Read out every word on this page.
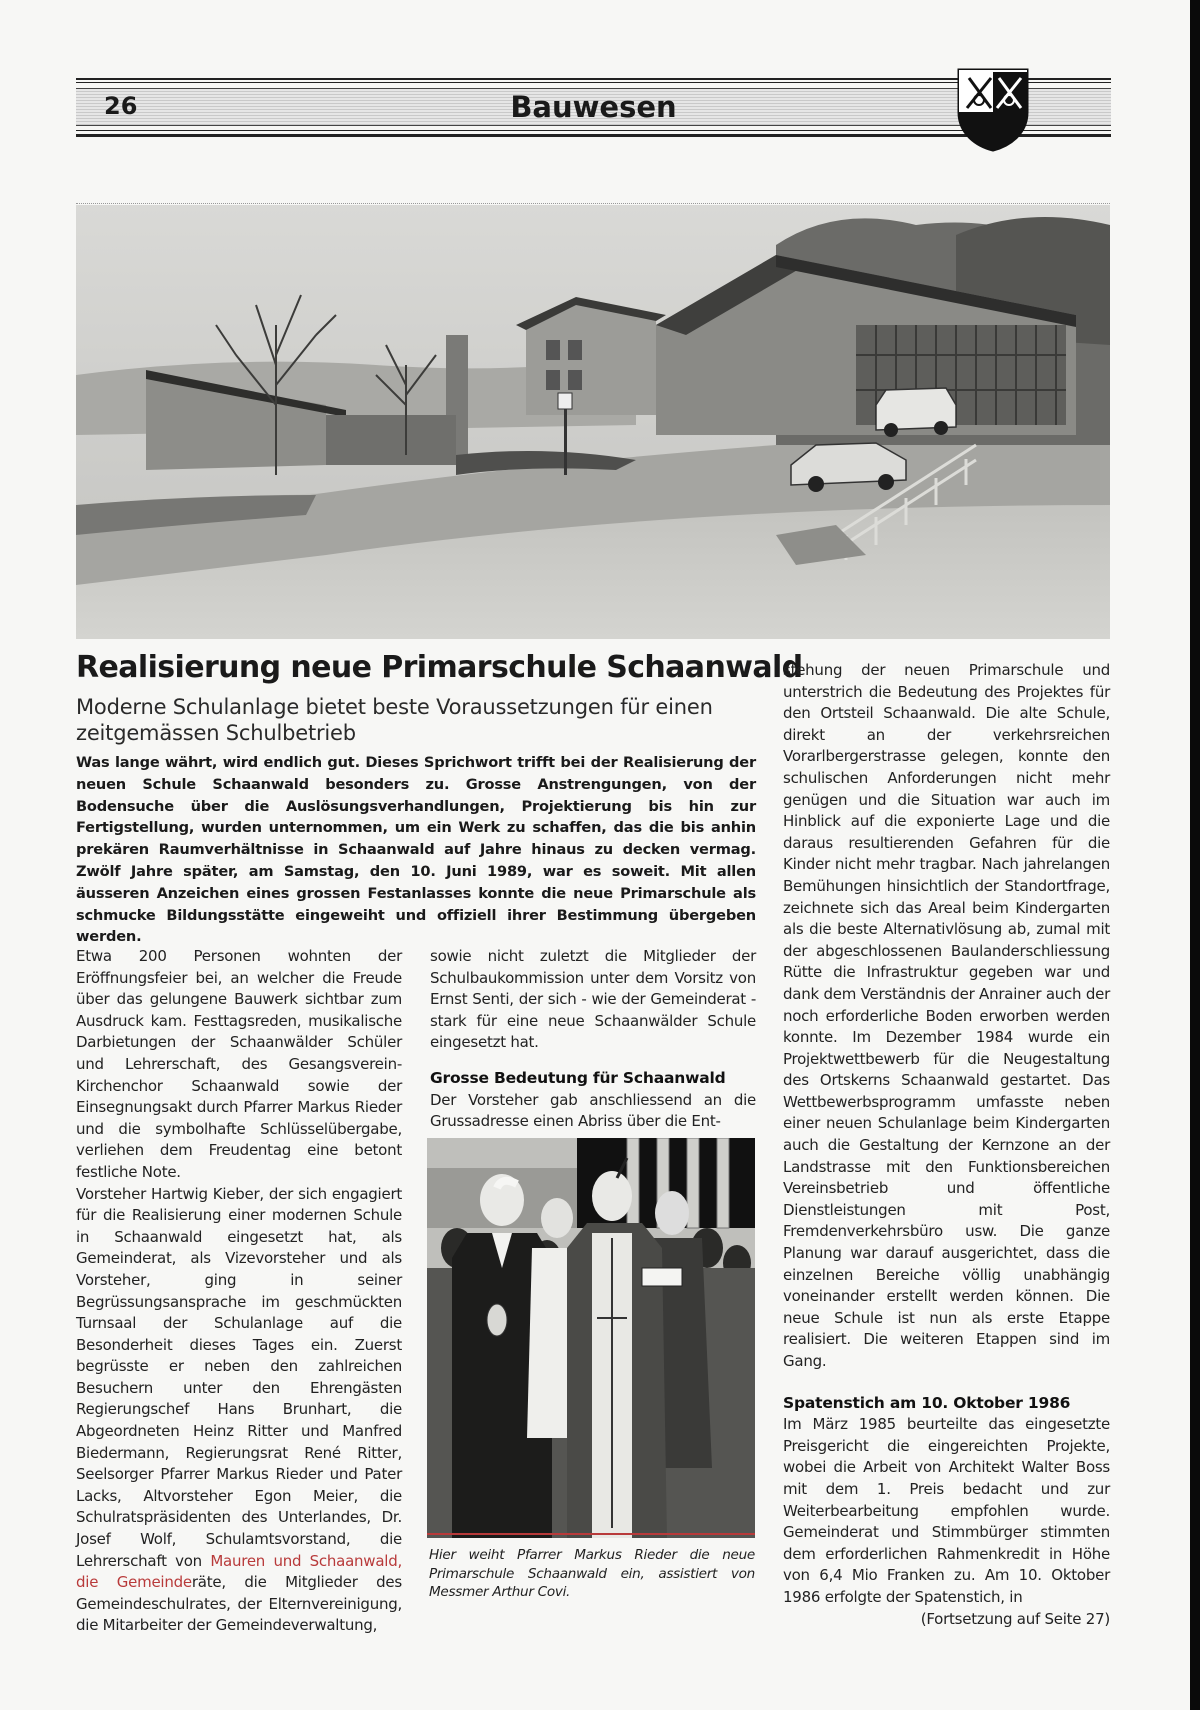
26	Bauwesen
Realisierung neue Primarschule Schaanwald
Moderne Schulanlage bietet beste Voraussetzungen für einen zeitgemässen Schulbetrieb
Was lange währt, wird endlich gut. Dieses Sprichwort trifft bei der Realisierung der neuen Schule Schaanwald besonders zu. Grosse Anstrengungen, von der Bodensuche über die Auslösungsverhandlungen, Projektierung bis hin zur Fertigstellung, wurden unternommen, um ein Werk zu schaffen, das die bis anhin prekären Raumverhältnisse in Schaanwald auf Jahre hinaus zu decken vermag. Zwölf Jahre später, am Samstag, den 10. Juni 1989, war es soweit. Mit allen äusseren Anzeichen eines grossen Festanlasses konnte die neue Primarschule als schmucke Bildungsstätte eingeweiht und offiziell ihrer Bestimmung übergeben werden.

Etwa 200 Personen wohnten der Eröffnungsfeier bei, an welcher die Freude über das gelungene Bauwerk sichtbar zum Ausdruck kam. Festtagsreden, musikalische Darbietungen der Schaanwälder Schüler und Lehrerschaft, des Gesangsverein-Kirchenchor Schaanwald sowie der Einsegnungsakt durch Pfarrer Markus Rieder und die symbolhafte Schlüsselübergabe, verliehen dem Freudentag eine betont festliche Note.

Vorsteher Hartwig Kieber, der sich engagiert für die Realisierung einer modernen Schule in Schaanwald eingesetzt hat, als Gemeinderat, als Vizevorsteher und als Vorsteher, ging in seiner Begrüssungsansprache im geschmückten Turnsaal der Schulanlage auf die Besonderheit dieses Tages ein. Zuerst begrüsste er neben den zahlreichen Besuchern unter den Ehrengästen Regierungschef Hans Brunhart, die Abgeordneten Heinz Ritter und Manfred Biedermann, Regierungsrat René Ritter, Seelsorger Pfarrer Markus Rieder und Pater Lacks, Altvorsteher Egon Meier, die Schulratspräsidenten des Unterlandes, Dr. Josef Wolf, Schulamtsvorstand, die Lehrerschaft von Mauren und Schaanwald, die Gemeinderäte, die Mitglieder des Gemeindeschulrates, der Elternvereinigung, die Mitarbeiter der Gemeindeverwaltung,

sowie nicht zuletzt die Mitglieder der Schulbaukommission unter dem Vorsitz von Ernst Senti, der sich - wie der Gemeinderat - stark für eine neue Schaanwälder Schule eingesetzt hat.

Grosse Bedeutung für Schaanwald

Der Vorsteher gab anschliessend an die Grussadresse einen Abriss über die Ent-

Hier weiht Pfarrer Markus Rieder die neue Primarschule Schaanwald ein, assistiert von Messmer Arthur Covi.

stehung der neuen Primarschule und unterstrich die Bedeutung des Projektes für den Ortsteil Schaanwald. Die alte Schule, direkt an der verkehrsreichen Vorarlbergerstrasse gelegen, konnte den schulischen Anforderungen nicht mehr genügen und die Situation war auch im Hinblick auf die exponierte Lage und die daraus resultierenden Gefahren für die Kinder nicht mehr tragbar. Nach jahrelangen Bemühungen hinsichtlich der Standortfrage, zeichnete sich das Areal beim Kindergarten als die beste Alternativlösung ab, zumal mit der abgeschlossenen Baulanderschliessung Rütte die Infrastruktur gegeben war und dank dem Verständnis der Anrainer auch der noch erforderliche Boden erworben werden konnte. Im Dezember 1984 wurde ein Projektwettbewerb für die Neugestaltung des Ortskerns Schaanwald gestartet. Das Wettbewerbsprogramm umfasste neben einer neuen Schulanlage beim Kindergarten auch die Gestaltung der Kernzone an der Landstrasse mit den Funktionsbereichen Vereinsbetrieb und öffentliche Dienstleistungen mit Post, Fremdenverkehrsbüro usw. Die ganze Planung war darauf ausgerichtet, dass die einzelnen Bereiche völlig unabhängig voneinander erstellt werden können. Die neue Schule ist nun als erste Etappe realisiert. Die weiteren Etappen sind im Gang.

Spatenstich am 10. Oktober 1986

Im März 1985 beurteilte das eingesetzte Preisgericht die eingereichten Projekte, wobei die Arbeit von Architekt Walter Boss mit dem 1. Preis bedacht und zur Weiterbearbeitung empfohlen wurde. Gemeinderat und Stimmbürger stimmten dem erforderlichen Rahmenkredit in Höhe von 6,4 Mio Franken zu. Am 10. Oktober 1986 erfolgte der Spatenstich, in

(Fortsetzung auf Seite 27)
